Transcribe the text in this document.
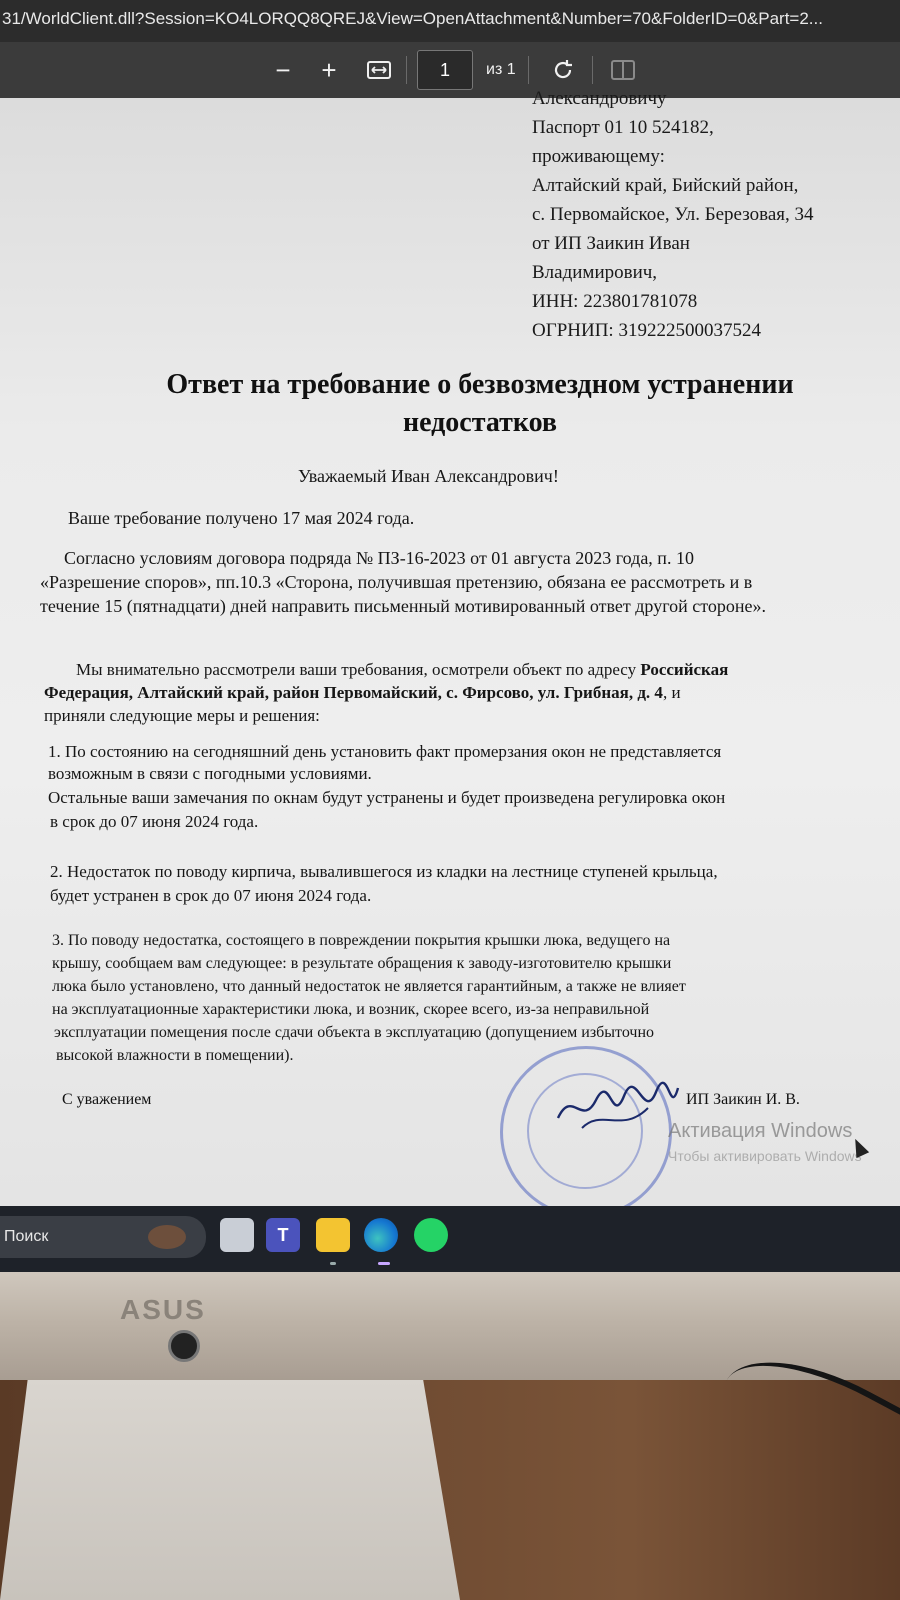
31/WorldClient.dll?Session=KO4LORQQ8QREJ&View=OpenAttachment&Number=70&FolderID=0&Part=2...
−	+	1	из 1
Александровичу
Паспорт 01 10 524182,
проживающему:
Алтайский край, Бийский район,
с. Первомайское, Ул. Березовая, 34
от ИП Заикин Иван
Владимирович,
ИНН: 223801781078
ОГРНИП: 319222500037524
Ответ на требование о безвозмездном устранении
недостатков
Уважаемый Иван Александрович!
Ваше требование получено 17 мая 2024 года.
Согласно условиям договора подряда № ПЗ-16-2023 от 01 августа 2023 года, п. 10
«Разрешение споров», пп.10.3 «Сторона, получившая претензию, обязана ее рассмотреть и в
течение 15 (пятнадцати) дней направить письменный мотивированный ответ другой стороне».
Мы внимательно рассмотрели ваши требования, осмотрели объект по адресу Российская
Федерация, Алтайский край, район Первомайский, с. Фирсово, ул. Грибная, д. 4, и
приняли следующие меры и решения:
1. По состоянию на сегодняшний день установить факт промерзания окон не представляется
возможным в связи с погодными условиями.
Остальные ваши замечания по окнам будут устранены и будет произведена регулировка окон
в срок до 07 июня 2024 года.
2. Недостаток по поводу кирпича, вывалившегося из кладки на лестнице ступеней крыльца,
будет устранен в срок до 07 июня 2024 года.
3. По поводу недостатка, состоящего в повреждении покрытия крышки люка, ведущего на
крышу, сообщаем вам следующее: в результате обращения к заводу-изготовителю крышки
люка было установлено, что данный недостаток не является гарантийным, а также не влияет
на эксплуатационные характеристики люка, и возник, скорее всего, из-за неправильной
эксплуатации помещения после сдачи объекта в эксплуатацию (допущением избыточно
высокой влажности в помещении).
С уважением	ИП Заикин И. В.
Активация Windows
Чтобы активировать Windows
Поиск	T
ASUS
